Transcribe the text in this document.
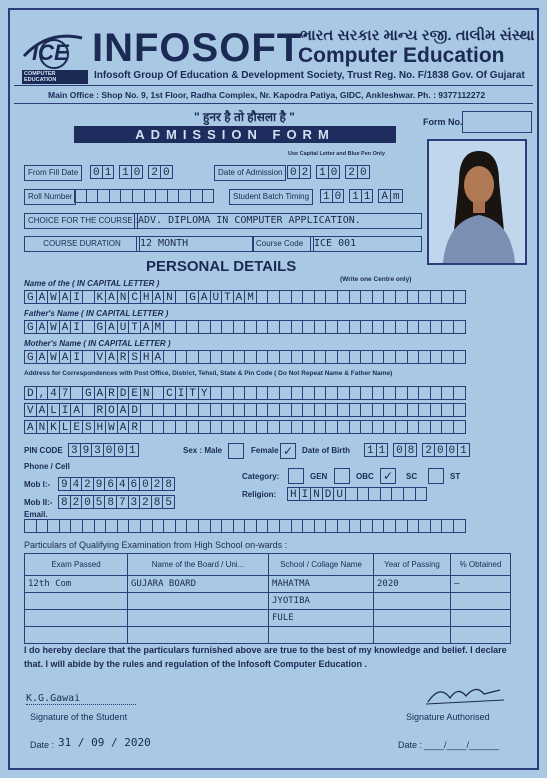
ICE
COMPUTER EDUCATION
INFOSOFT
ભારત સરકાર માન્ય રજી. તાલીમ સંસ્થા
Computer Education
Infosoft Group Of Education & Development Society, Trust Reg. No. F/1838 Gov. Of Gujarat
Main Office : Shop No. 9, 1st Floor, Radha Complex, Nr. Kapodra Patiya, GIDC, Ankleshwar. Ph. : 9377112272
" हुनर है तो हौसला है "
ADMISSION FORM
Form No.
Use Capital Letter and Blue Pen Only
From Fill Date	0 1 1 0 2 0	Date of Admission 0 2 1 0 2 0
Roll Number	Student Batch Timing	1 0 1 1 A m
CHOICE FOR THE COURSE : ADV. DIPLOMA IN COMPUTER APPLICATION.
COURSE DURATION	12 MONTH	Course Code	ICE 001
PERSONAL DETAILS
(Write one Centre only)
Name of the ( IN CAPITAL LETTER )
G A W A I K A N C H A N G A U T A M
Father's Name ( IN CAPITAL LETTER )
G A W A I G A U T A M
Mother's Name ( IN CAPITAL LETTER )
G A W A I V A R S H A
Address for Correspondences with Post Office, District, Tehsil, State & Pin Code ( Do Not Repeat Name & Father Name)
D , 4 7 G A R D E N C I T Y
V A L I A R O A D
A N K L E S H W A R
PIN CODE 3 9 3 0 0 1	Sex : Male	Female ✓	Date of Birth 1 1 0 8 2 0 0 1
Phone / Cell
Mob I:- 9 4 2 9 6 4 6 0 2 8
Mob II:- 8 2 0 5 8 7 3 2 8 5
Category:	GEN	OBC ✓	SC	ST
Religion: H I N D U
Email.
Particulars of Qualifying Examination from High School on-wards :
Exam Passed	Name of the Board / Uni...	School / Collage Name	Year of Passing	% Obtained
12th Com	GUJARA BOARD	MAHATMA	2020	—
		JYOTIBA		
		FULE		

I do hereby declare that the particulars furnished above are true to the best of my knowledge and belief. I declare that. I will abide by the rules and regulation of the Infosoft Computer Education .
K.G.Gawai
Signature of the Student	Signature Authorised
Date : 31 / 09 / 2020	Date : ____/____/______
